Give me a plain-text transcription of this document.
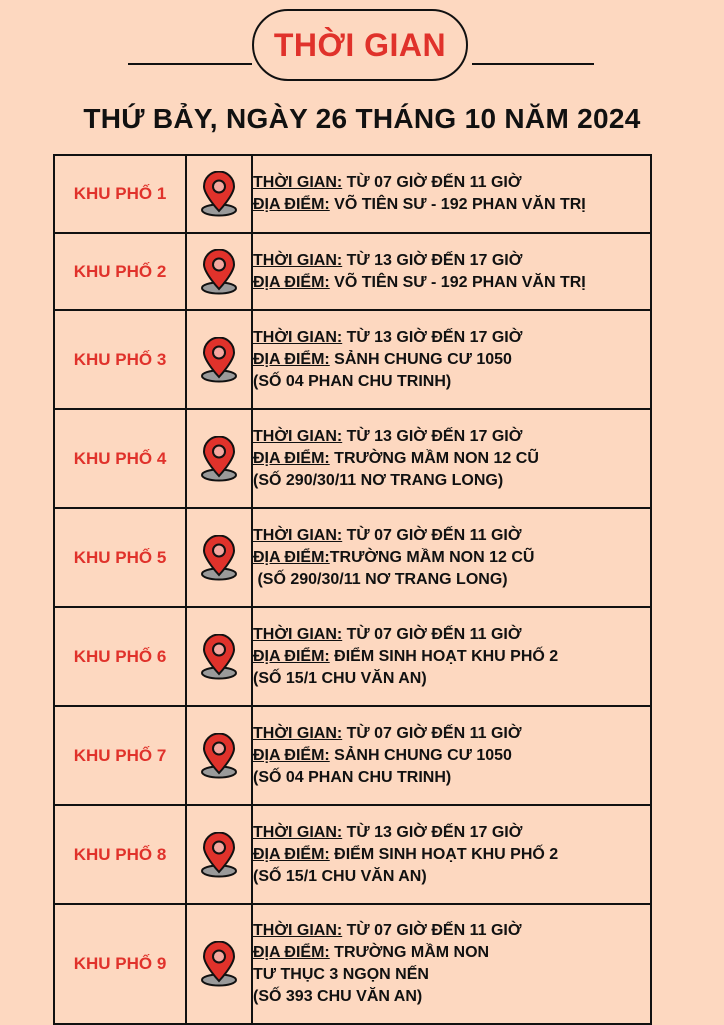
THỜI GIAN
THỨ BẢY, NGÀY 26 THÁNG 10 NĂM 2024
KHU PHỐ 1		THỜI GIAN: TỪ 07 GIỜ ĐẾN 11 GIỜ
ĐỊA ĐIỂM: VÕ TIÊN SƯ - 192 PHAN VĂN TRỊ

KHU PHỐ 2		THỜI GIAN: TỪ 13 GIỜ ĐẾN 17 GIỜ
ĐỊA ĐIỂM: VÕ TIÊN SƯ - 192 PHAN VĂN TRỊ

KHU PHỐ 3		THỜI GIAN: TỪ 13 GIỜ ĐẾN 17 GIỜ
ĐỊA ĐIỂM: SẢNH CHUNG CƯ 1050
(SỐ 04 PHAN CHU TRINH)

KHU PHỐ 4		THỜI GIAN: TỪ 13 GIỜ ĐẾN 17 GIỜ
ĐỊA ĐIỂM: TRƯỜNG MẦM NON 12 CŨ
(SỐ 290/30/11 NƠ TRANG LONG)

KHU PHỐ 5		THỜI GIAN: TỪ 07 GIỜ ĐẾN 11 GIỜ
ĐỊA ĐIỂM:TRƯỜNG MẦM NON 12 CŨ
(SỐ 290/30/11 NƠ TRANG LONG)

KHU PHỐ 6		THỜI GIAN: TỪ 07 GIỜ ĐẾN 11 GIỜ
ĐỊA ĐIỂM: ĐIỂM SINH HOẠT KHU PHỐ 2
(SỐ 15/1 CHU VĂN AN)

KHU PHỐ 7		THỜI GIAN: TỪ 07 GIỜ ĐẾN 11 GIỜ
ĐỊA ĐIỂM: SẢNH CHUNG CƯ 1050
(SỐ 04 PHAN CHU TRINH)

KHU PHỐ 8		THỜI GIAN: TỪ 13 GIỜ ĐẾN 17 GIỜ
ĐỊA ĐIỂM: ĐIỂM SINH HOẠT KHU PHỐ 2
(SỐ 15/1 CHU VĂN AN)

KHU PHỐ 9		THỜI GIAN: TỪ 07 GIỜ ĐẾN 11 GIỜ
ĐỊA ĐIỂM: TRƯỜNG MẦM NON
TƯ THỤC 3 NGỌN NẾN
(SỐ 393 CHU VĂN AN)
